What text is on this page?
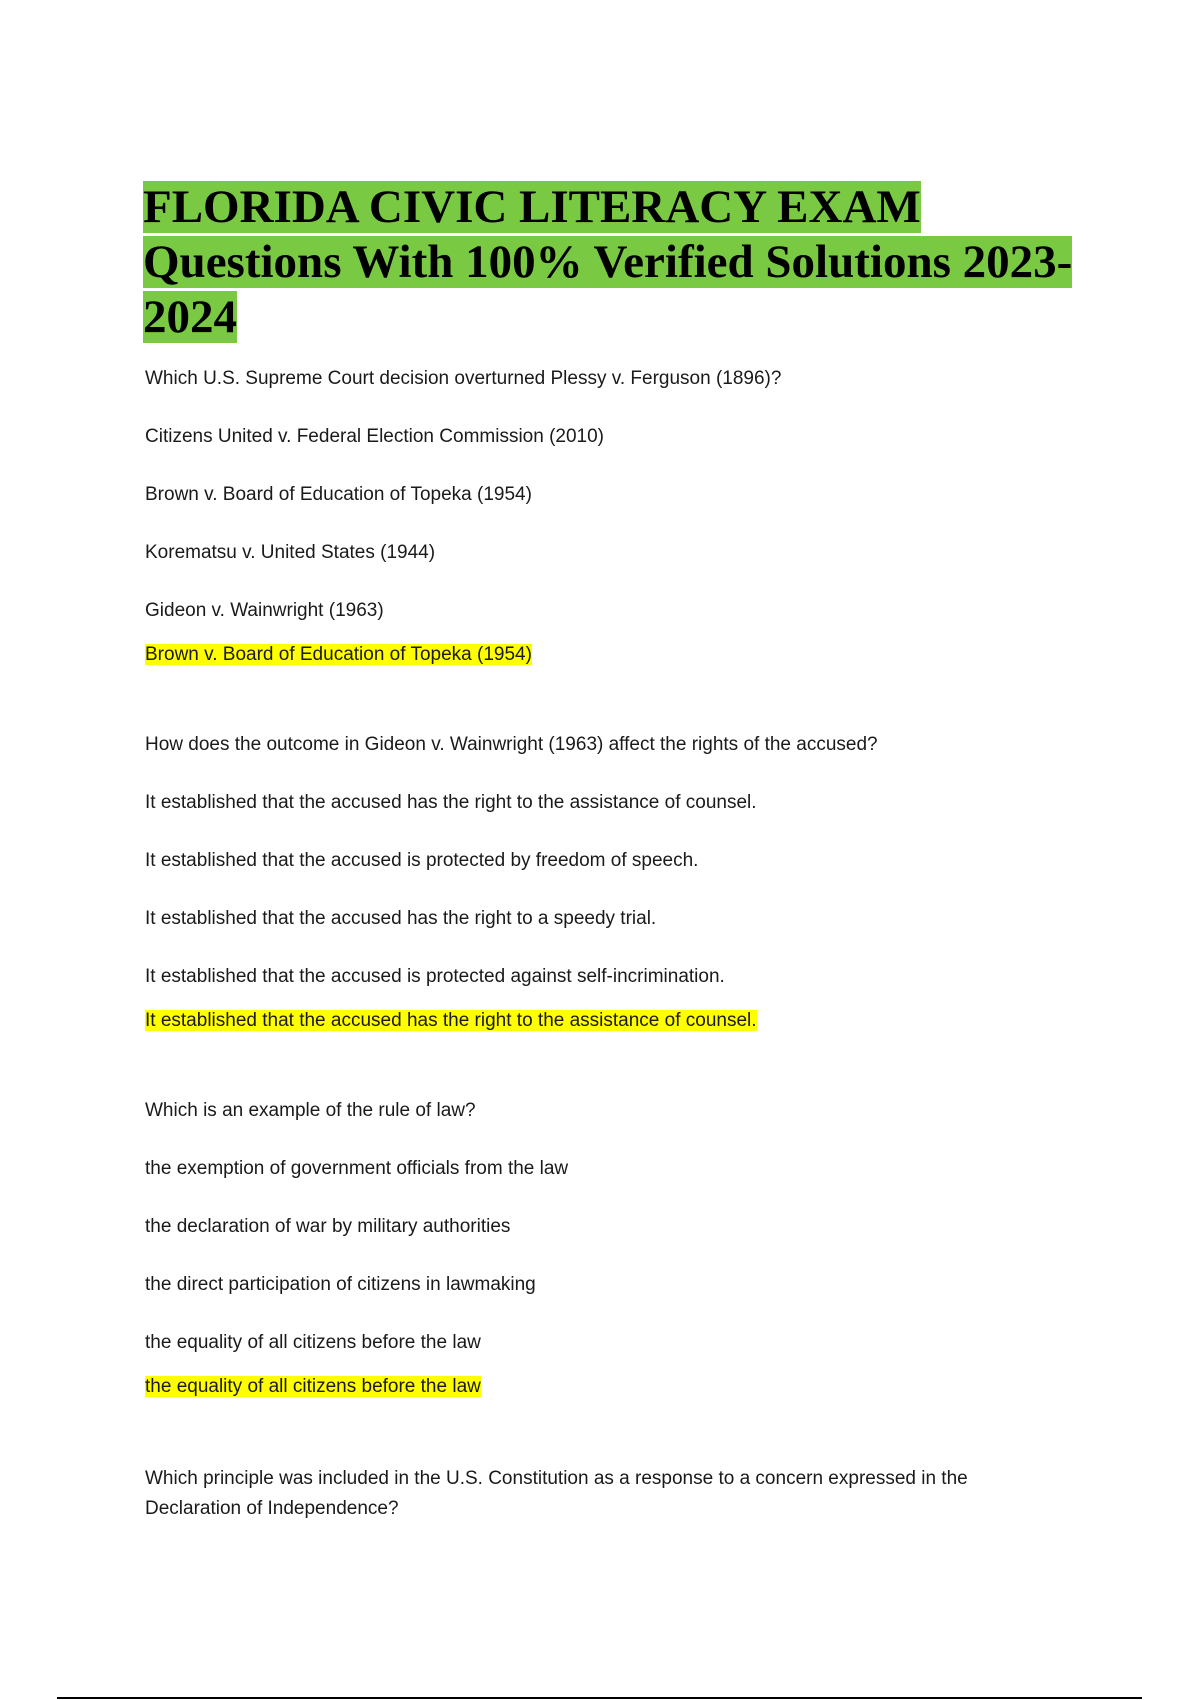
FLORIDA CIVIC LITERACY EXAM Questions With 100% Verified Solutions 2023-2024
Which U.S. Supreme Court decision overturned Plessy v. Ferguson (1896)?
Citizens United v. Federal Election Commission (2010)
Brown v. Board of Education of Topeka (1954)
Korematsu v. United States (1944)
Gideon v. Wainwright (1963)
Brown v. Board of Education of Topeka (1954)
How does the outcome in Gideon v. Wainwright (1963) affect the rights of the accused?
It established that the accused has the right to the assistance of counsel.
It established that the accused is protected by freedom of speech.
It established that the accused has the right to a speedy trial.
It established that the accused is protected against self-incrimination.
It established that the accused has the right to the assistance of counsel.
Which is an example of the rule of law?
the exemption of government officials from the law
the declaration of war by military authorities
the direct participation of citizens in lawmaking
the equality of all citizens before the law
the equality of all citizens before the law
Which principle was included in the U.S. Constitution as a response to a concern expressed in the Declaration of Independence?
